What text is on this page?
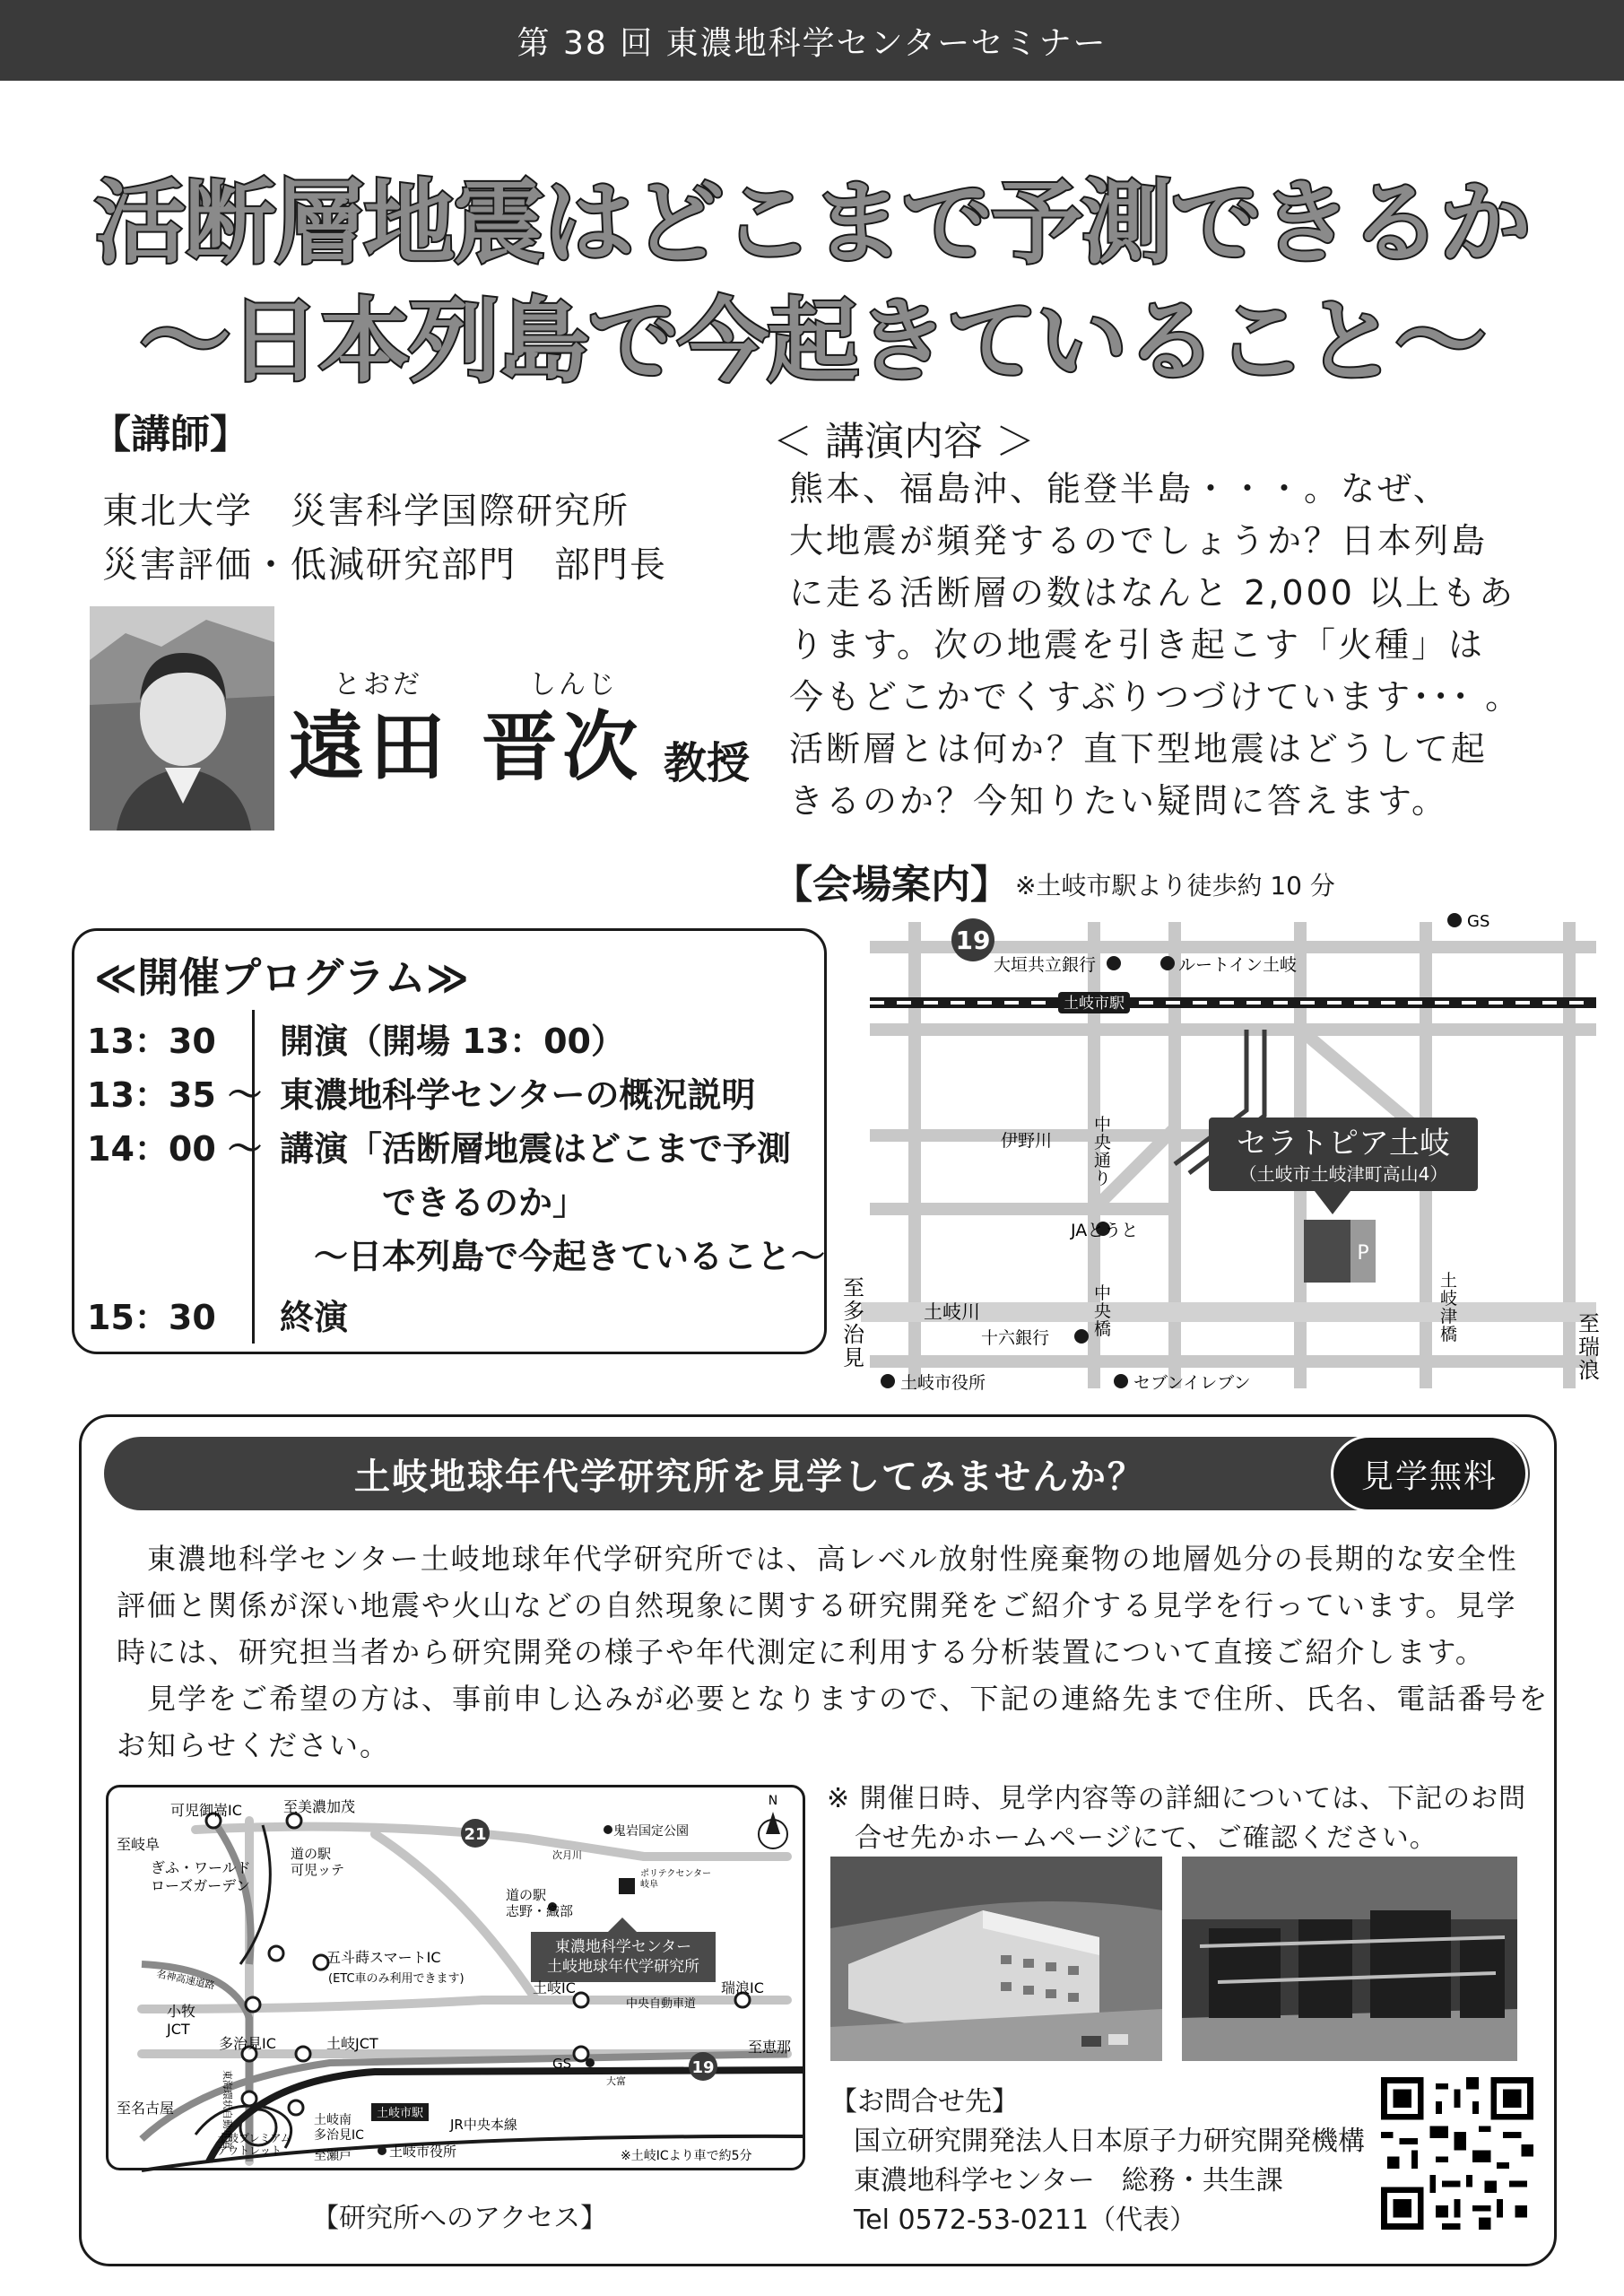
第 38 回 東濃地科学センターセミナー
活断層地震はどこまで予測できるか
〜日本列島で今起きていること〜
【講師】
東北大学　災害科学国際研究所
災害評価・低減研究部門　部門長
とおだ	しんじ
遠田 晋次 教授
＜ 講演内容 ＞
熊本、福島沖、能登半島・・・。なぜ、
大地震が頻発するのでしょうか？日本列島
に走る活断層の数はなんと 2,000 以上もあ
ります。次の地震を引き起こす「火種」は
今もどこかでくすぶりつづけています･･･ 。
活断層とは何か？直下型地震はどうして起
きるのか？今知りたい疑問に答えます。
【会場案内】 ※土岐市駅より徒歩約 10 分
≪開催プログラム≫
13：30	開演（開場 13：00）
13：35 〜 東濃地科学センターの概況説明
14：00 〜 講演「活断層地震はどこまで予測
　　　できるのか」
　〜日本列島で今起きていること〜
15：30	終演
土岐市駅
19
大垣共立銀行	ルートイン土岐
GS
伊野川
JAとうと
土岐川
十六銀行
土岐市役所	セブンイレブン
中央通り
中央橋
土岐津橋
至多治見
至瑞浪
セラトピア土岐
（土岐市土岐津町高山4）
P
土岐地球年代学研究所を見学してみませんか？	見学無料
　東濃地科学センター土岐地球年代学研究所では、高レベル放射性廃棄物の地層処分の長期的な安全性
評価と関係が深い地震や火山などの自然現象に関する研究開発をご紹介する見学を行っています。見学
時には、研究担当者から研究開発の様子や年代測定に利用する分析装置について直接ご紹介します。
　見学をご希望の方は、事前申し込みが必要となりますので、下記の連絡先まで住所、氏名、電話番号を
お知らせください。
21
19
N
東濃地科学センター土岐地球年代学研究所
ポリテクセンター岐阜
可児御嵩IC	至美濃加茂
至岐阜
ぎふ・ワールドローズガーデン
道の駅可児ッテ
鬼岩国定公園
次月川
道の駅志野・織部
五斗蒔スマートIC
(ETC車のみ利用できます)
土岐IC	瑞浪IC
小牧 JCT
多治見IC	土岐JCT
中央自動車道
至恵那
GS
大富
至名古屋	土岐市駅
JR中央本線
土岐プレミアムアウトレット
土岐南多治見IC
至瀬戸	土岐市役所	※土岐ICより車で約5分
名神高速道路
東海環状自動車道
【研究所へのアクセス】
※ 開催日時、見学内容等の詳細については、下記のお問
　合せ先かホームページにて、ご確認ください。
【お問合せ先】
国立研究開発法人日本原子力研究開発機構
東濃地科学センター　総務・共生課
Tel 0572-53-0211（代表）
